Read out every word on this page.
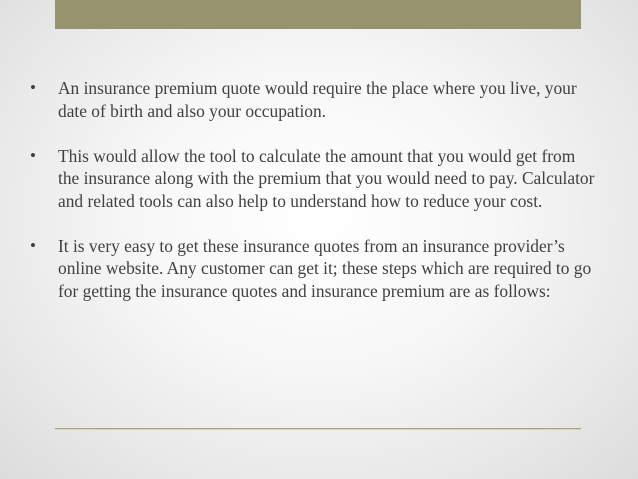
•	An insurance premium quote would require the place where you live, your date of birth and also your occupation.
•	This would allow the tool to calculate the amount that you would get from the insurance along with the premium that you would need to pay. Calculator and related tools can also help to understand how to reduce your cost.
•	It is very easy to get these insurance quotes from an insurance provider’s online website. Any customer can get it; these steps which are required to go for getting the insurance quotes and insurance premium are as follows:
